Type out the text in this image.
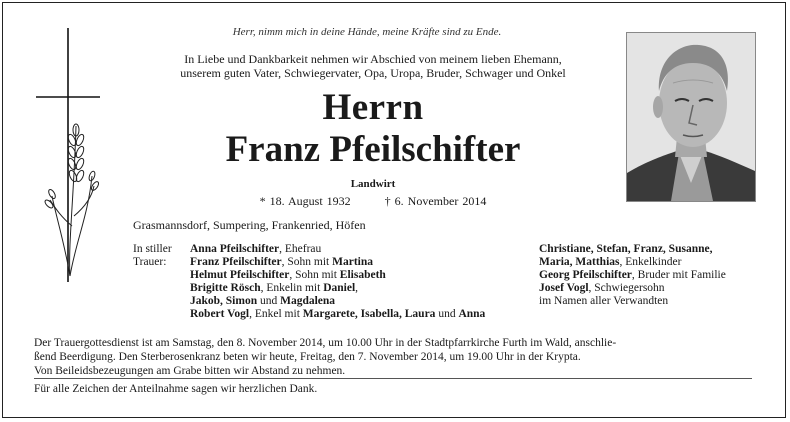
Herr, nimm mich in deine Hände, meine Kräfte sind zu Ende.
In Liebe und Dankbarkeit nehmen wir Abschied von meinem lieben Ehemann,
unserem guten Vater, Schwiegervater, Opa, Uropa, Bruder, Schwager und Onkel
Herrn
Franz Pfeilschifter
Landwirt
* 18. August 1932	† 6. November 2014
Grasmannsdorf, Sumpering, Frankenried, Höfen
In stiller
Trauer:
Anna Pfeilschifter, Ehefrau
Franz Pfeilschifter, Sohn mit Martina
Helmut Pfeilschifter, Sohn mit Elisabeth
Brigitte Rösch, Enkelin mit Daniel,
Jakob, Simon und Magdalena
Robert Vogl, Enkel mit Margarete, Isabella, Laura und Anna
Christiane, Stefan, Franz, Susanne,
Maria, Matthias, Enkelkinder
Georg Pfeilschifter, Bruder mit Familie
Josef Vogl, Schwiegersohn
im Namen aller Verwandten
Der Trauergottesdienst ist am Samstag, den 8. November 2014, um 10.00 Uhr in der Stadtpfarrkirche Furth im Wald, anschlie-
ßend Beerdigung. Den Sterberosenkranz beten wir heute, Freitag, den 7. November 2014, um 19.00 Uhr in der Krypta.
Von Beileidsbezeugungen am Grabe bitten wir Abstand zu nehmen.
Für alle Zeichen der Anteilnahme sagen wir herzlichen Dank.
